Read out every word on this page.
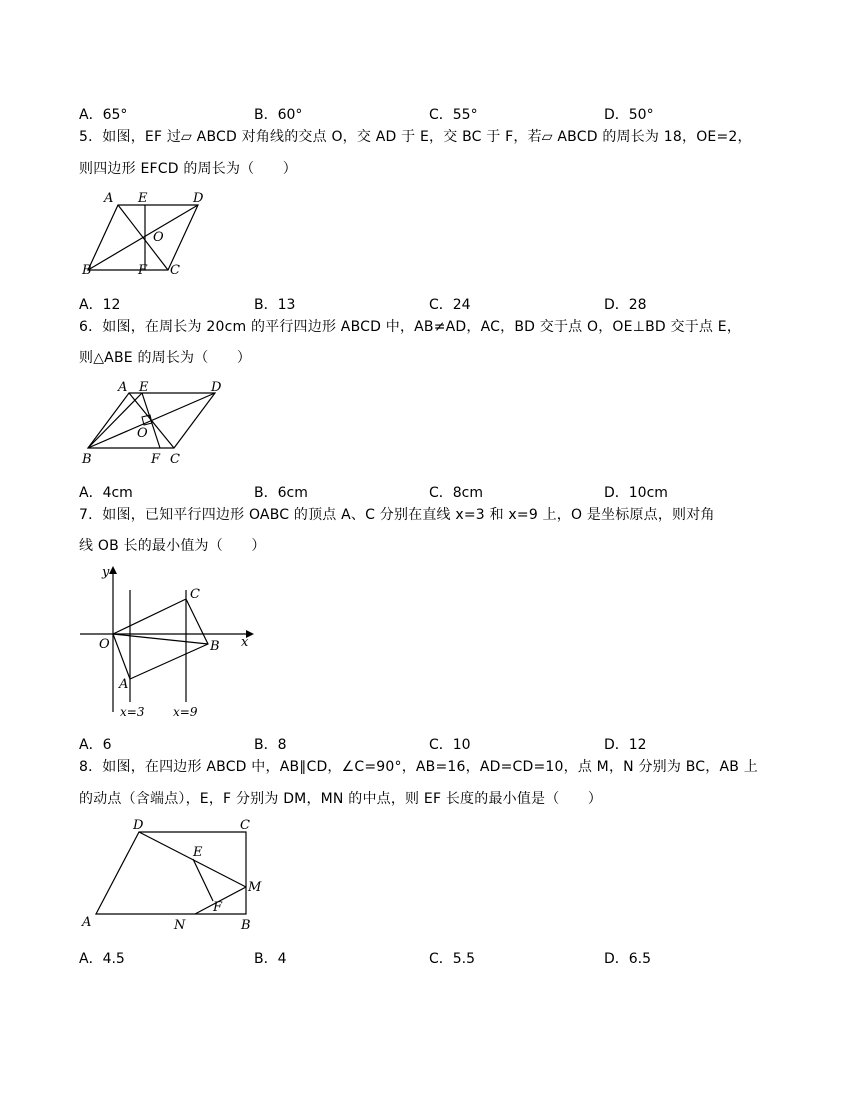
A．65°	B．60°	C．55°	D．50°
5．如图，EF 过▱ ABCD 对角线的交点 O，交 AD 于 E，交 BC 于 F，若▱ ABCD 的周长为 18，OE=2，
则四边形 EFCD 的周长为（　　）
A E	D
O
B	F C
A．12	B．13	C．24	D．28
6．如图，在周长为 20cm 的平行四边形 ABCD 中，AB≠AD，AC，BD 交于点 O，OE⊥BD 交于点 E，
则△ABE 的周长为（　　）
A E	D
O
B	F C
A．4cm	B．6cm	C．8cm	D．10cm
7．如图，已知平行四边形 OABC 的顶点 A、C 分别在直线 x=3 和 x=9 上，O 是坐标原点，则对角
线 OB 长的最小值为（　　）
y
x
O
A
B
C
x=3 x=9
A．6	B．8	C．10	D．12
8．如图，在四边形 ABCD 中，AB∥CD，∠C=90°，AB=16，AD=CD=10，点 M，N 分别为 BC，AB 上
的动点（含端点），E，F 分别为 DM，MN 的中点，则 EF 长度的最小值是（　　）
D	C
E
M
F
A	N	B
A．4.5	B．4	C．5.5	D．6.5
